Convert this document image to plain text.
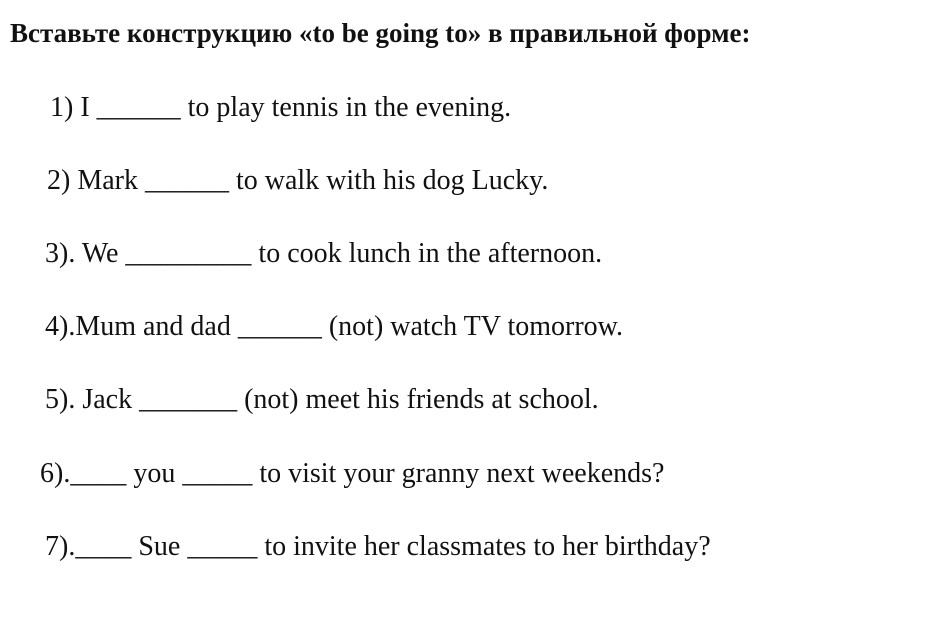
Вставьте конструкцию «to be going to» в правильной форме:
1) I ______ to play tennis in the evening.
2) Mark ______ to walk with his dog Lucky.
3). We _________ to cook lunch in the afternoon.
4).Mum and dad ______ (not) watch TV tomorrow.
5). Jack _______ (not) meet his friends at school.
6).____ you _____ to visit your granny next weekends?
7).____ Sue _____ to invite her classmates to her birthday?
